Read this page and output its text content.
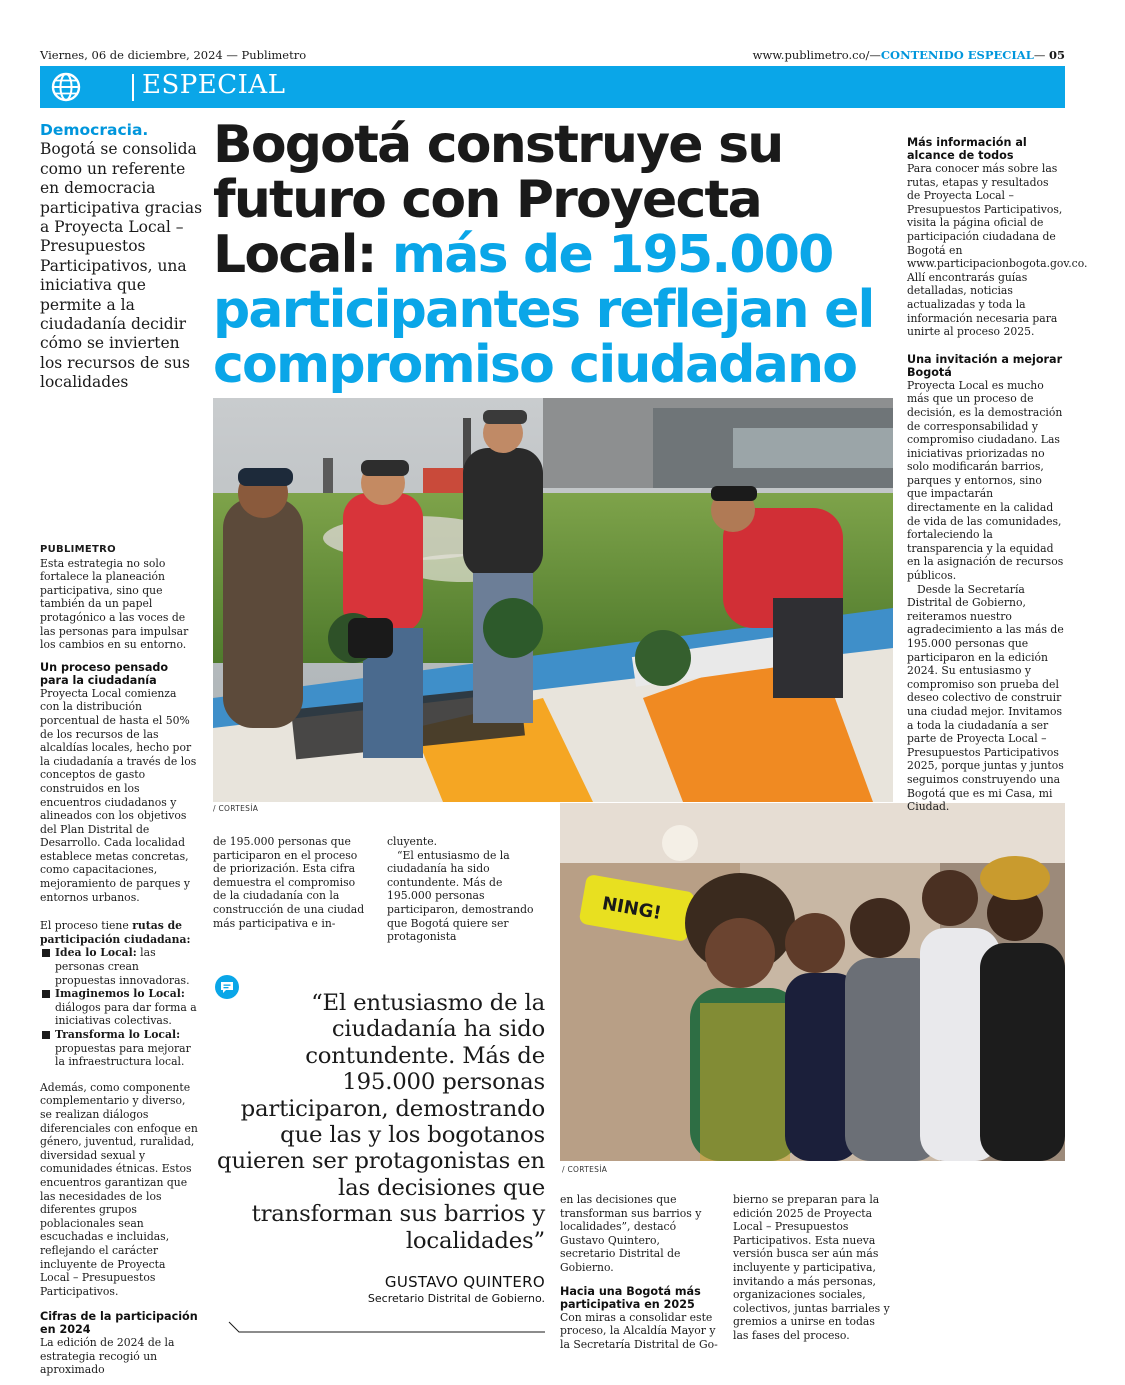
Viernes, 06 de diciembre, 2024 — Publimetro	www.publimetro.co/—CONTENIDO ESPECIAL— 05
ESPECIAL
Democracia. Bogotá se consolida como un referente en democracia participativa gracias a Proyecta Local – Presupuestos Participativos, una iniciativa que permite a la ciudadanía decidir cómo se invierten los recursos de sus localidades
Bogotá construye su futuro con Proyecta Local: más de 195.000 participantes reflejan el compromiso ciudadano
PUBLIMETRO

Esta estrategia no solo fortalece la planeación participativa, sino que también da un papel protagónico a las voces de las personas para impulsar los cambios en su entorno.

Un proceso pensado para la ciudadanía

Proyecta Local comienza con la distribución porcentual de hasta el 50% de los recursos de las alcaldías locales, hecho por la ciudadanía a través de los conceptos de gasto construidos en los encuentros ciudadanos y alineados con los objetivos del Plan Distrital de Desarrollo. Cada localidad establece metas concretas, como capacitaciones, mejoramiento de parques y entornos urbanos.

El proceso tiene rutas de participación ciudadana:

Idea lo Local: las personas crean propuestas innovadoras.
Imaginemos lo Local: diálogos para dar forma a iniciativas colectivas.
Transforma lo Local: propuestas para mejorar la infraestructura local.

Además, como componente complementario y diverso, se realizan diálogos diferenciales con enfoque en género, juventud, ruralidad, diversidad sexual y comunidades étnicas. Estos encuentros garantizan que las necesidades de los diferentes grupos poblacionales sean escuchadas e incluidas, reflejando el carácter incluyente de Proyecta Local – Presupuestos Participativos.

Cifras de la participación en 2024

La edición de 2024 de la estrategia recogió un aproximado

/ CORTESÍA

de 195.000 personas que participaron en el proceso de priorización. Esta cifra demuestra el compromiso de la ciudadanía con la construcción de una ciudad más participativa e in-

cluyente.

“El entusiasmo de la ciudadanía ha sido contundente. Más de 195.000 personas participaron, demostrando que Bogotá quiere ser protagonista

NING!
/ CORTESÍA
“El entusiasmo de la ciudadanía ha sido contundente. Más de 195.000 personas participaron, demostrando que las y los bogotanos quieren ser protagonistas en las decisiones que transforman sus barrios y localidades”
GUSTAVO QUINTERO
Secretario Distrital de Gobierno.

en las decisiones que transforman sus barrios y localidades”, destacó Gustavo Quintero, secretario Distrital de Gobierno.

Hacia una Bogotá más participativa en 2025

Con miras a consolidar este proceso, la Alcaldía Mayor y la Secretaría Distrital de Go-

bierno se preparan para la edición 2025 de Proyecta Local – Presupuestos Participativos. Esta nueva versión busca ser aún más incluyente y participativa, invitando a más personas, organizaciones sociales, colectivos, juntas barriales y gremios a unirse en todas las fases del proceso.

Más información al alcance de todos

Para conocer más sobre las rutas, etapas y resultados de Proyecta Local – Presupuestos Participativos, visita la página oficial de participación ciudadana de Bogotá en www.participacionbogota.gov.co. Allí encontrarás guías detalladas, noticias actualizadas y toda la información necesaria para unirte al proceso 2025.

Una invitación a mejorar Bogotá

Proyecta Local es mucho más que un proceso de decisión, es la demostración de corresponsabilidad y compromiso ciudadano. Las iniciativas priorizadas no solo modificarán barrios, parques y entornos, sino que impactarán directamente en la calidad de vida de las comunidades, fortaleciendo la transparencia y la equidad en la asignación de recursos públicos.

Desde la Secretaría Distrital de Gobierno, reiteramos nuestro agradecimiento a las más de 195.000 personas que participaron en la edición 2024. Su entusiasmo y compromiso son prueba del deseo colectivo de construir una ciudad mejor. Invitamos a toda la ciudadanía a ser parte de Proyecta Local – Presupuestos Participativos 2025, porque juntas y juntos seguimos construyendo una Bogotá que es mi Casa, mi Ciudad.
